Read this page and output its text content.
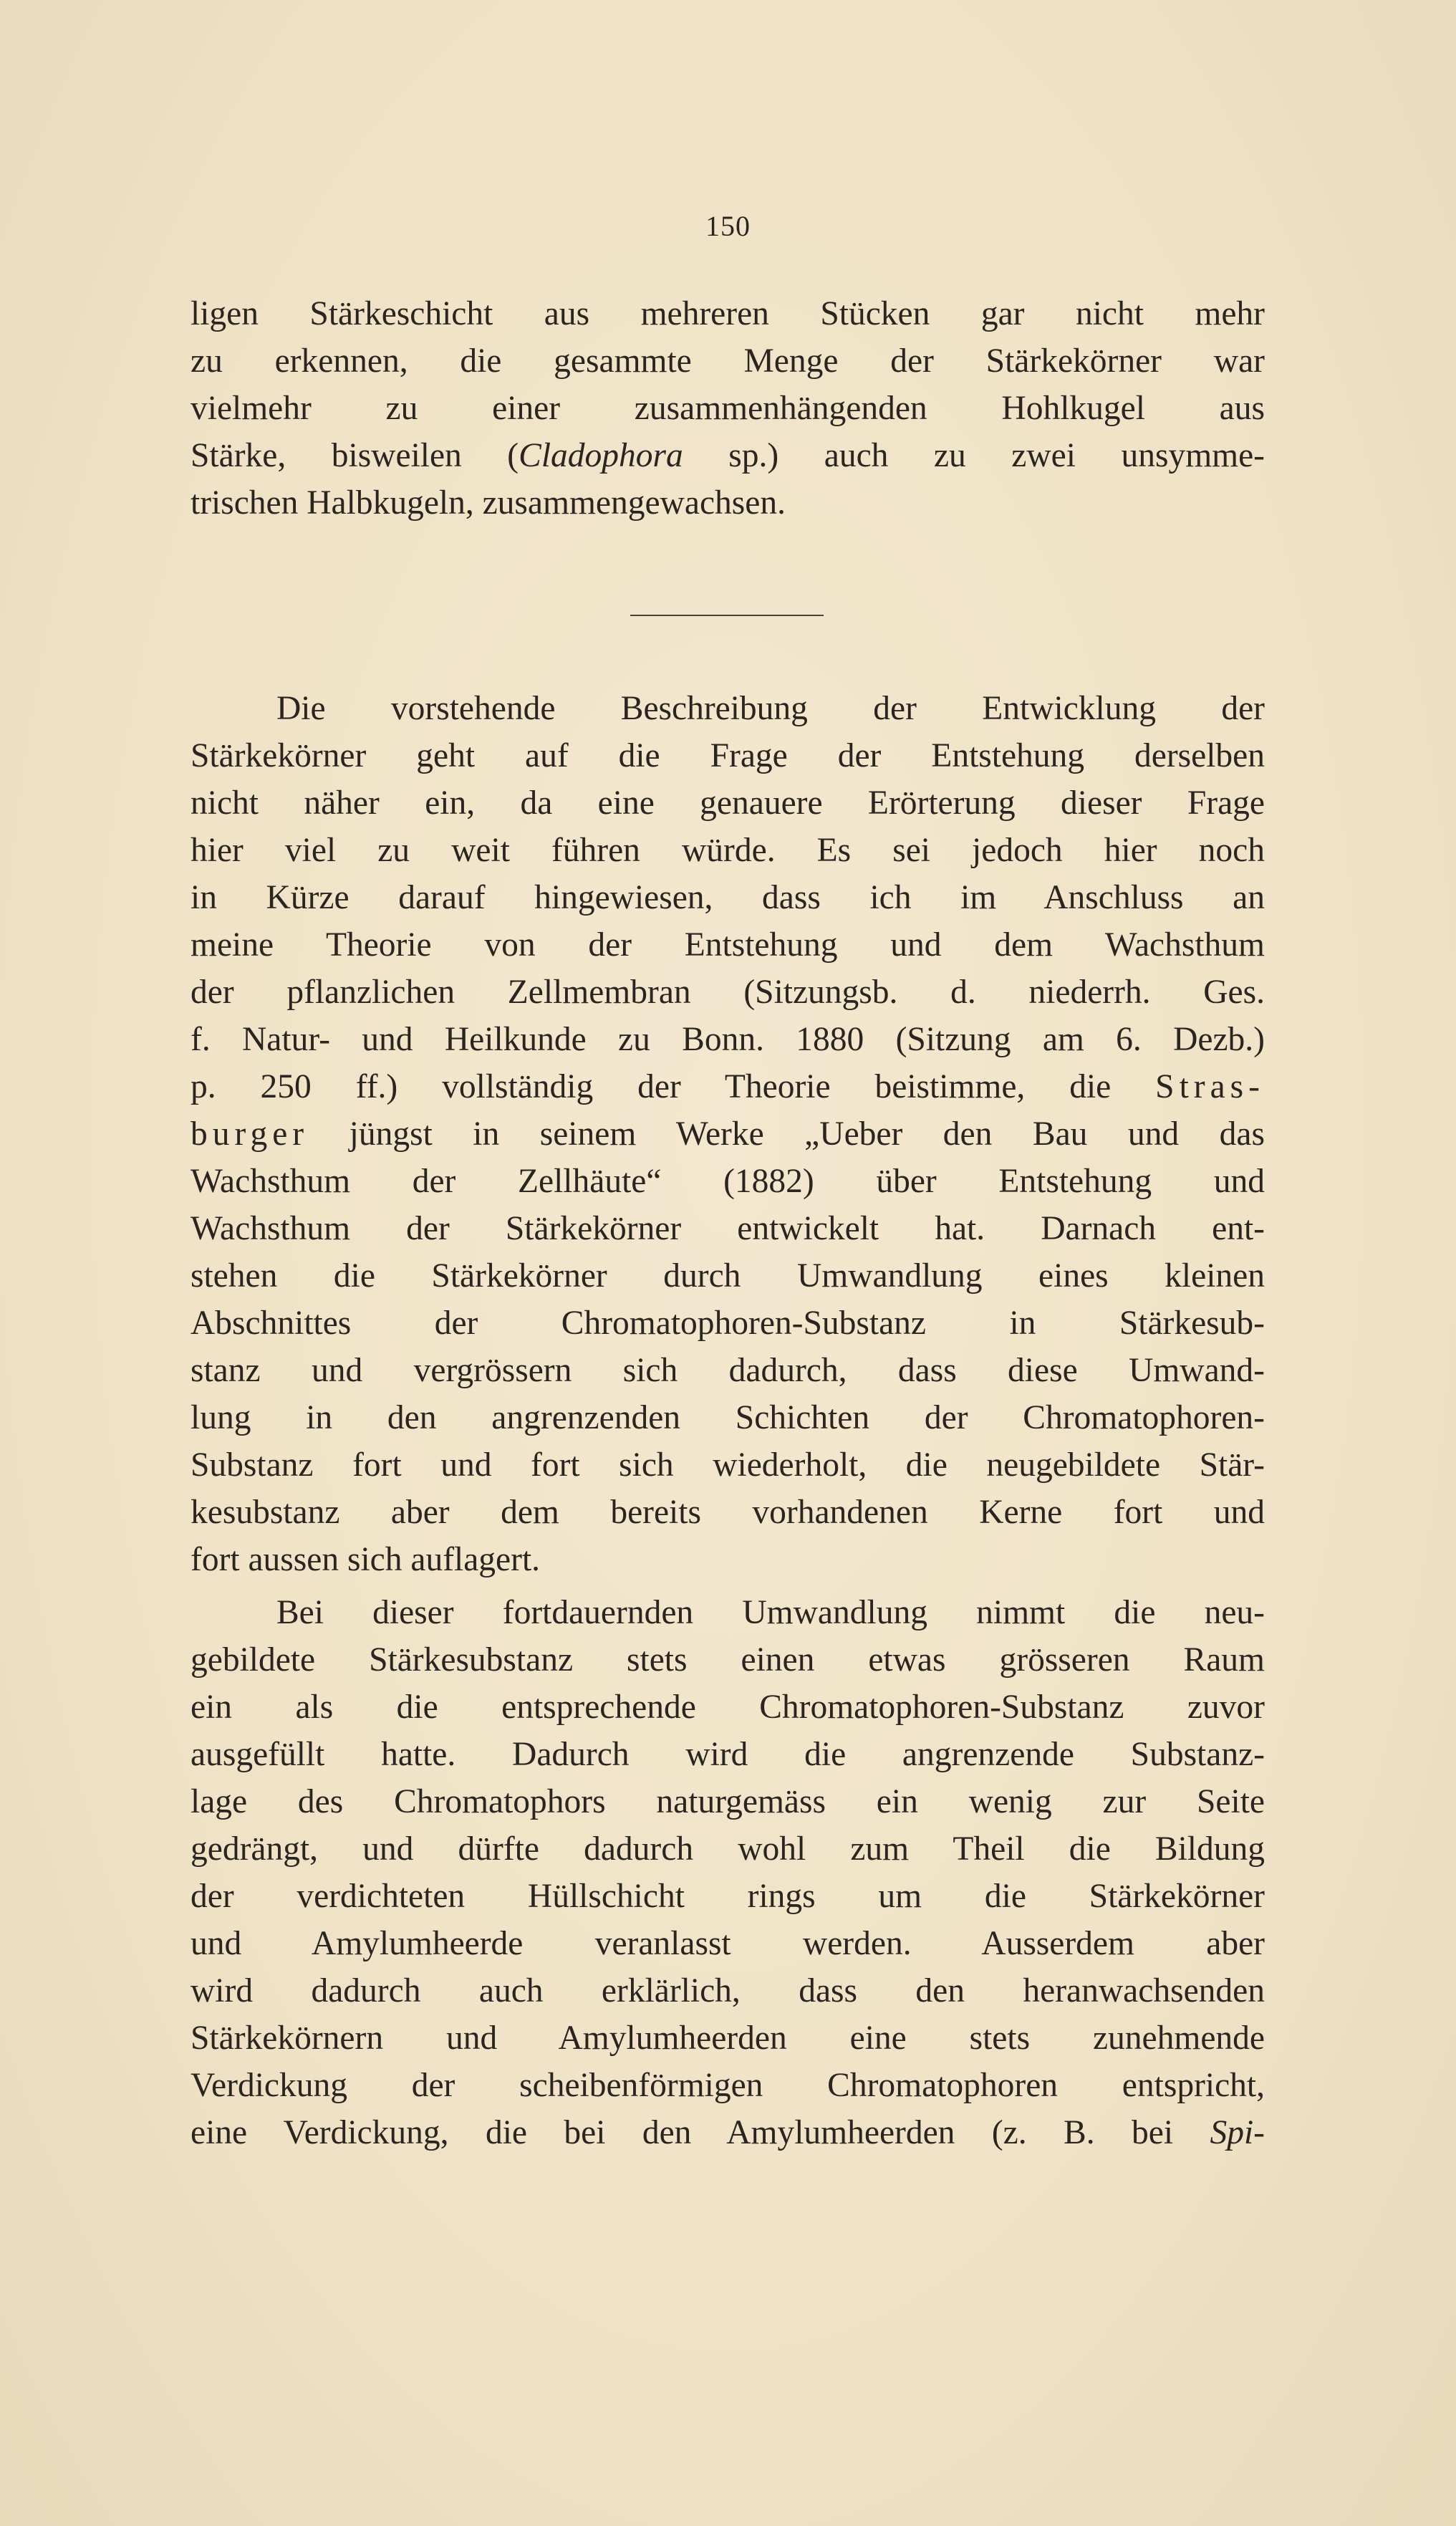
150
ligen Stärkeschicht aus mehreren Stücken gar nicht mehr
zu erkennen, die gesammte Menge der Stärkekörner war
vielmehr zu einer zusammenhängenden Hohlkugel aus
Stärke, bisweilen (Cladophora sp.) auch zu zwei unsymme-
trischen Halbkugeln, zusammengewachsen.
Die vorstehende Beschreibung der Entwicklung der
Stärkekörner geht auf die Frage der Entstehung derselben
nicht näher ein, da eine genauere Erörterung dieser Frage
hier viel zu weit führen würde. Es sei jedoch hier noch
in Kürze darauf hingewiesen, dass ich im Anschluss an
meine Theorie von der Entstehung und dem Wachsthum
der pflanzlichen Zellmembran (Sitzungsb. d. niederrh. Ges.
f. Natur- und Heilkunde zu Bonn. 1880 (Sitzung am 6. Dezb.)
p. 250 ff.) vollständig der Theorie beistimme, die Stras-
burger jüngst in seinem Werke „Ueber den Bau und das
Wachsthum der Zellhäute“ (1882) über Entstehung und
Wachsthum der Stärkekörner entwickelt hat. Darnach ent-
stehen die Stärkekörner durch Umwandlung eines kleinen
Abschnittes der Chromatophoren-Substanz in Stärkesub-
stanz und vergrössern sich dadurch, dass diese Umwand-
lung in den angrenzenden Schichten der Chromatophoren-
Substanz fort und fort sich wiederholt, die neugebildete Stär-
kesubstanz aber dem bereits vorhandenen Kerne fort und
fort aussen sich auflagert.
Bei dieser fortdauernden Umwandlung nimmt die neu-
gebildete Stärkesubstanz stets einen etwas grösseren Raum
ein als die entsprechende Chromatophoren-Substanz zuvor
ausgefüllt hatte. Dadurch wird die angrenzende Substanz-
lage des Chromatophors naturgemäss ein wenig zur Seite
gedrängt, und dürfte dadurch wohl zum Theil die Bildung
der verdichteten Hüllschicht rings um die Stärkekörner
und Amylumheerde veranlasst werden. Ausserdem aber
wird dadurch auch erklärlich, dass den heranwachsenden
Stärkekörnern und Amylumheerden eine stets zunehmende
Verdickung der scheibenförmigen Chromatophoren entspricht,
eine Verdickung, die bei den Amylumheerden (z. B. bei Spi-
